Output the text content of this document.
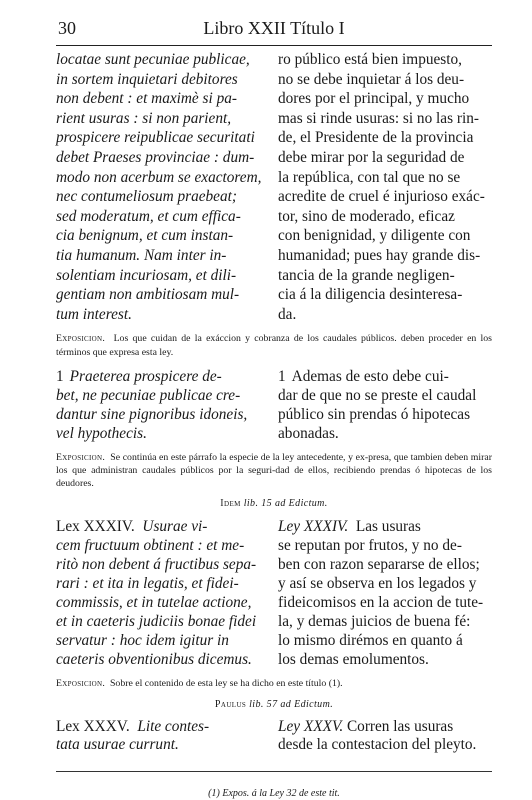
30	Libro XXII Título I

locatae sunt pecuniae publicae,

in sortem inquietari debitores

non debent : et maximè si pa-

rient usuras : si non parient,

prospicere reipublicae securitati

debet Praeses provinciae : dum-

modo non acerbum se exactorem,

nec contumeliosum praebeat;

sed moderatum, et cum effica-

cia benignum, et cum instan-

tia humanum. Nam inter in-

solentiam incuriosam, et dili-

gentiam non ambitiosam mul-

tum interest.

ro público está bien impuesto,

no se debe inquietar á los deu-

dores por el principal, y mucho

mas si rinde usuras: si no las rin-

de, el Presidente de la provincia

debe mirar por la seguridad de

la república, con tal que no se

acredite de cruel é injurioso exác-

tor, sino de moderado, eficaz

con benignidad, y diligente con

humanidad; pues hay grande dis-

tancia de la grande negligen-

cia á la diligencia desinteresa-

da.

Exposicion. Los que cuidan de la exáccion y cobranza de los caudales públicos. deben proceder en los términos que expresa esta ley.

1 Praeterea prospicere de-

bet, ne pecuniae publicae cre-

dantur sine pignoribus idoneis,

vel hypothecis.

1 Ademas de esto debe cui-

dar de que no se preste el caudal

público sin prendas ó hipotecas

abonadas.

Exposicion. Se continúa en este párrafo la especie de la ley antecedente, y ex-presa, que tambien deben mirar los que administran caudales públicos por la seguri-dad de ellos, recibiendo prendas ó hipotecas de los deudores.

Idem lib. 15 ad Edictum.

Lex XXXIV. Usurae vi-

cem fructuum obtinent : et me-

ritò non debent á fructibus sepa-

rari : et ita in legatis, et fidei-

commissis, et in tutelae actione,

et in caeteris judiciis bonae fidei

servatur : hoc idem igitur in

caeteris obventionibus dicemus.

Ley XXXIV. Las usuras

se reputan por frutos, y no de-

ben con razon separarse de ellos;

y así se observa en los legados y

fideicomisos en la accion de tute-

la, y demas juicios de buena fé:

lo mismo dirémos en quanto á

los demas emolumentos.

Exposicion. Sobre el contenido de esta ley se ha dicho en este título (1).

Paulus lib. 57 ad Edictum.

Lex XXXV. Lite contes-

tata usurae currunt.

Ley XXXV. Corren las usuras

desde la contestacion del pleyto.

(1) Expos. á la Ley 32 de este tit.
